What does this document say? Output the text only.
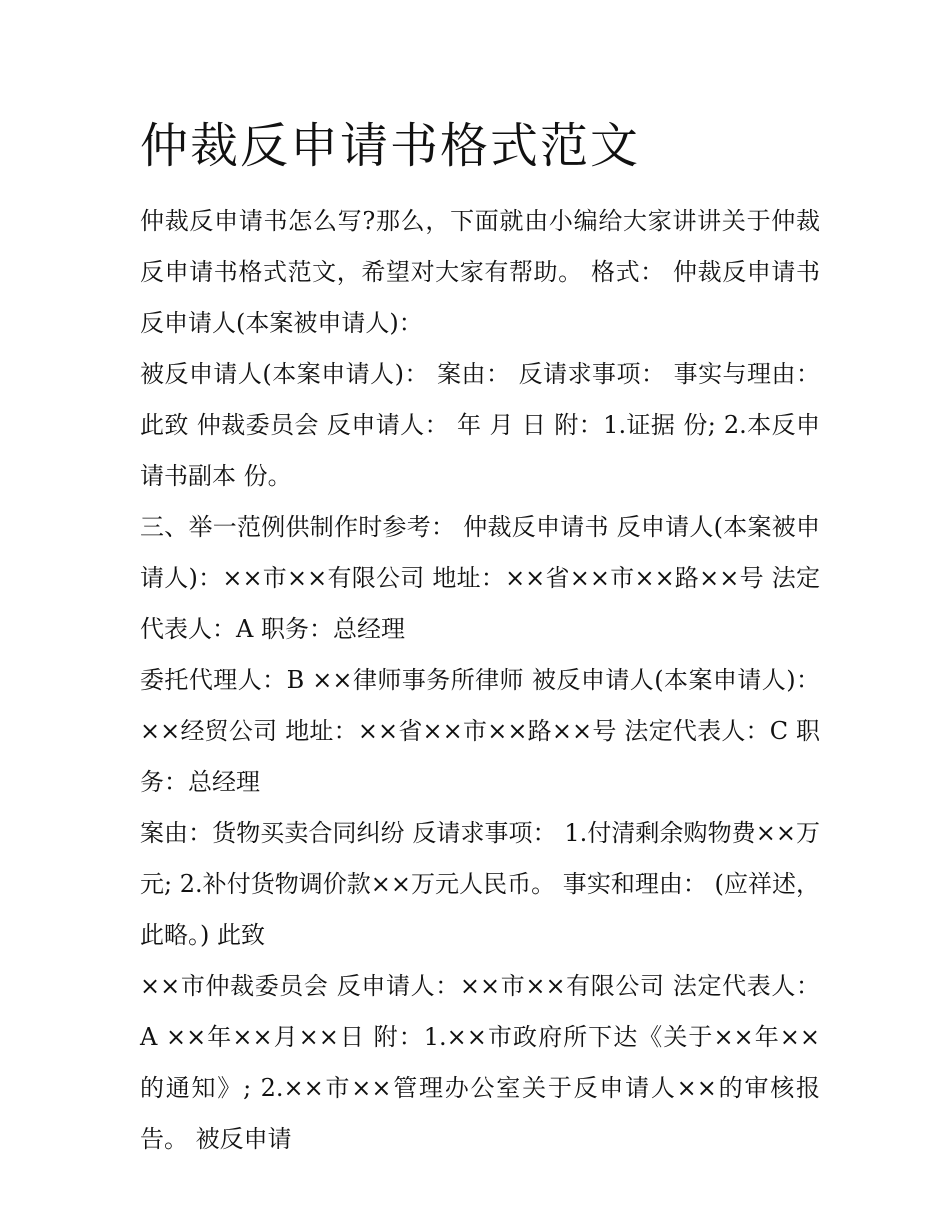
仲裁反申请书格式范文

仲裁反申请书怎么写?那么，下面就由小编给大家讲讲关于仲裁反申请书格式范文，希望对大家有帮助。 格式： 仲裁反申请书 反申请人(本案被申请人)：

被反申请人(本案申请人)： 案由： 反请求事项： 事实与理由： 此致 仲裁委员会 反申请人： 年 月 日 附：1.证据 份; 2.本反申请书副本 份。

三、举一范例供制作时参考： 仲裁反申请书 反申请人(本案被申请人)：××市××有限公司 地址：××省××市××路××号 法定代表人：A 职务：总经理

委托代理人：B ××律师事务所律师 被反申请人(本案申请人)：××经贸公司 地址：××省××市××路××号 法定代表人：C 职务：总经理

案由：货物买卖合同纠纷 反请求事项： 1.付清剩余购物费××万元; 2.补付货物调价款××万元人民币。 事实和理由： (应祥述，此略。) 此致

××市仲裁委员会 反申请人：××市××有限公司 法定代表人：A ××年××月××日 附：1.××市政府所下达《关于××年××的通知》; 2.××市××管理办公室关于反申请人××的审核报告。 被反申请
